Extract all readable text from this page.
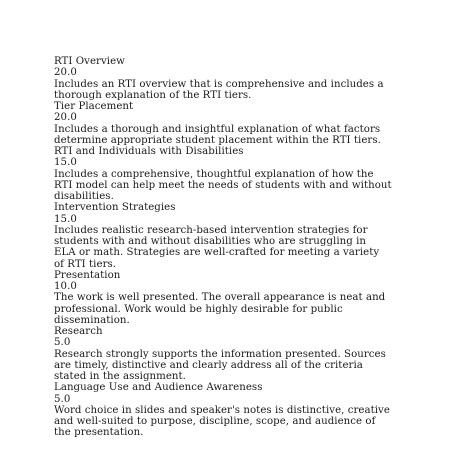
RTI Overview
20.0
Includes an RTI overview that is comprehensive and includes a
thorough explanation of the RTI tiers.
Tier Placement
20.0
Includes a thorough and insightful explanation of what factors
determine appropriate student placement within the RTI tiers.
RTI and Individuals with Disabilities
15.0
Includes a comprehensive, thoughtful explanation of how the
RTI model can help meet the needs of students with and without
disabilities.
Intervention Strategies
15.0
Includes realistic research-based intervention strategies for
students with and without disabilities who are struggling in
ELA or math. Strategies are well-crafted for meeting a variety
of RTI tiers.
Presentation
10.0
The work is well presented. The overall appearance is neat and
professional. Work would be highly desirable for public
dissemination.
Research
5.0
Research strongly supports the information presented. Sources
are timely, distinctive and clearly address all of the criteria
stated in the assignment.
Language Use and Audience Awareness
5.0
Word choice in slides and speaker's notes is distinctive, creative
and well-suited to purpose, discipline, scope, and audience of
the presentation.
